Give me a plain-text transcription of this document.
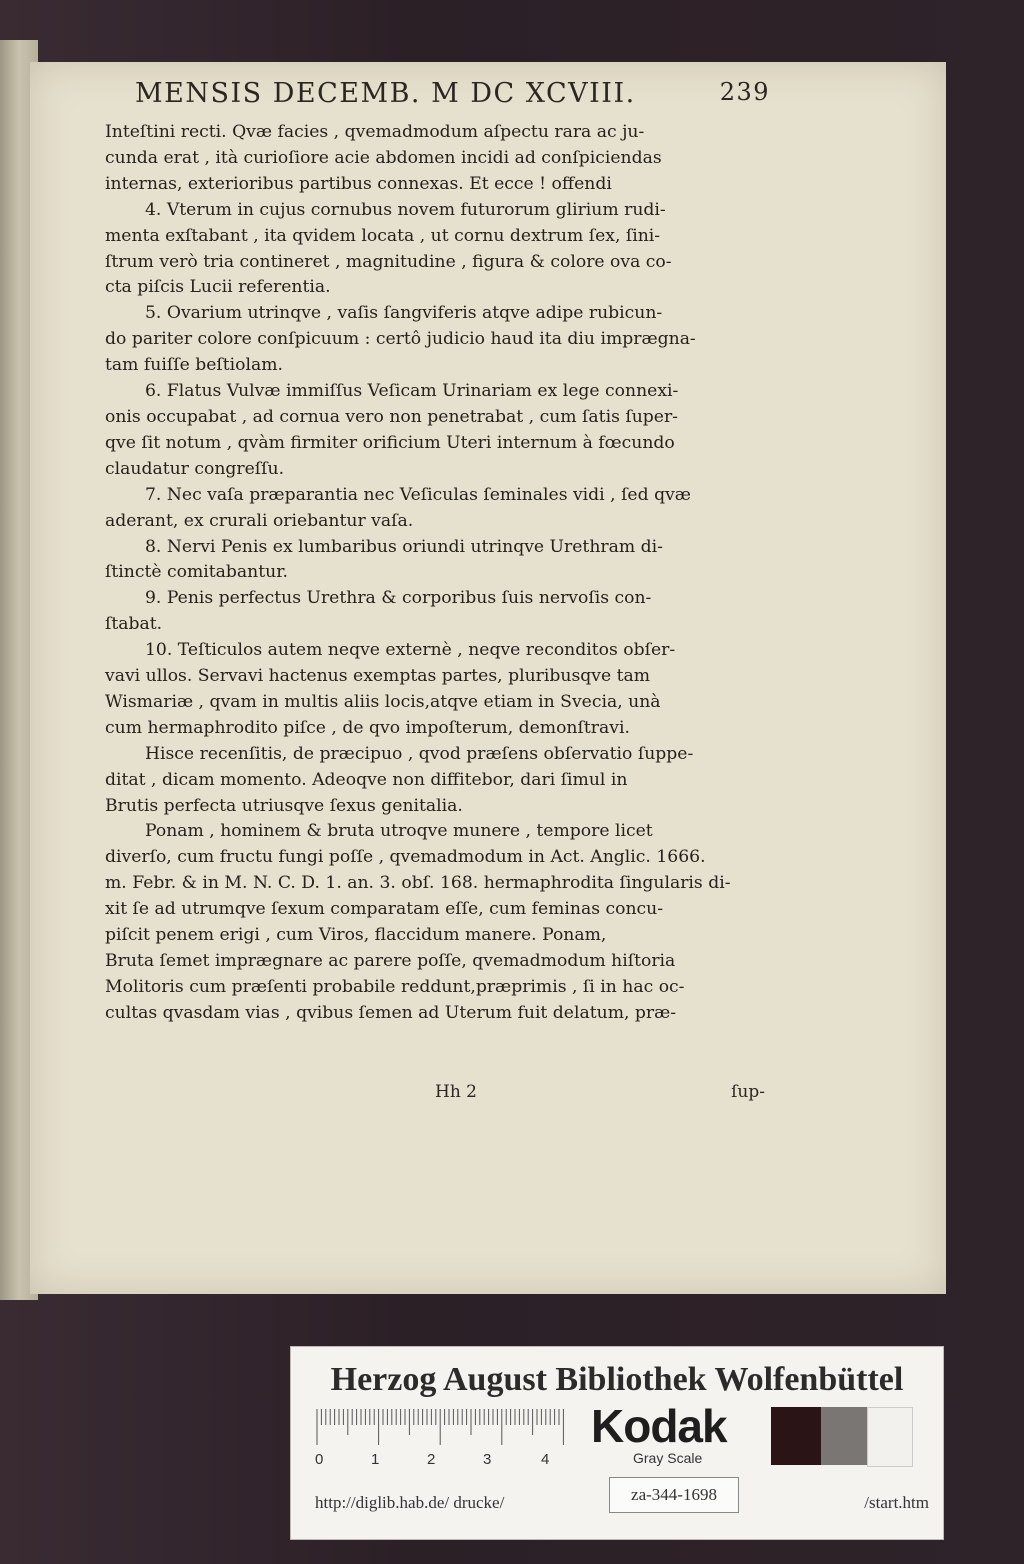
MENSIS DECEMB. M DC XCVIII.	239
Inteſtini recti. Qvæ facies , qvemadmodum aſpectu rara ac ju-
cunda erat , ità curioſiore acie abdomen incidi ad conſpiciendas
internas, exterioribus partibus connexas. Et ecce ! offendi
4. Vterum in cujus cornubus novem futurorum glirium rudi-
menta exſtabant , ita qvidem locata , ut cornu dextrum ſex, ſini-
ſtrum verò tria contineret , magnitudine , figura & colore ova co-
cta piſcis Lucii referentia.
5. Ovarium utrinqve , vaſis ſangviferis atqve adipe rubicun-
do pariter colore conſpicuum : certô judicio haud ita diu imprægna-
tam fuiſſe beſtiolam.
6. Flatus Vulvæ immiſſus Veſicam Urinariam ex lege connexi-
onis occupabat , ad cornua vero non penetrabat , cum ſatis ſuper-
qve ſit notum , qvàm firmiter orificium Uteri internum à fœcundo
claudatur congreſſu.
7. Nec vaſa præparantia nec Veſiculas ſeminales vidi , ſed qvæ
aderant, ex crurali oriebantur vaſa.
8. Nervi Penis ex lumbaribus oriundi utrinqve Urethram di-
ſtinctè comitabantur.
9. Penis perfectus Urethra & corporibus ſuis nervoſis con-
ſtabat.
10. Teſticulos autem neqve externè , neqve reconditos obſer-
vavi ullos. Servavi hactenus exemptas partes, pluribusqve tam
Wismariæ , qvam in multis aliis locis,atqve etiam in Svecia, unà
cum hermaphrodito piſce , de qvo impoſterum, demonſtravi.
Hisce recenſitis, de præcipuo , qvod præſens obſervatio ſuppe-
ditat , dicam momento. Adeoqve non diffitebor, dari ſimul in
Brutis perfecta utriusqve ſexus genitalia.
Ponam , hominem & bruta utroqve munere , tempore licet
diverſo, cum fructu fungi poſſe , qvemadmodum in Act. Anglic. 1666.
m. Febr. & in M. N. C. D. 1. an. 3. obſ. 168. hermaphrodita ſingularis di-
xit ſe ad utrumqve ſexum comparatam eſſe, cum feminas concu-
piſcit penem erigi , cum Viros, flaccidum manere. Ponam,
Bruta ſemet imprægnare ac parere poſſe, qvemadmodum hiſtoria
Molitoris cum præſenti probabile reddunt,præprimis , ſi in hac oc-
cultas qvasdam vias , qvibus ſemen ad Uterum fuit delatum, præ-
Hh 2	ſup-
Herzog August Bibliothek Wolfenbüttel
0	1	2	3	4
Kodak
Gray Scale
http://diglib.hab.de/ drucke/	za-344-1698	/start.htm
